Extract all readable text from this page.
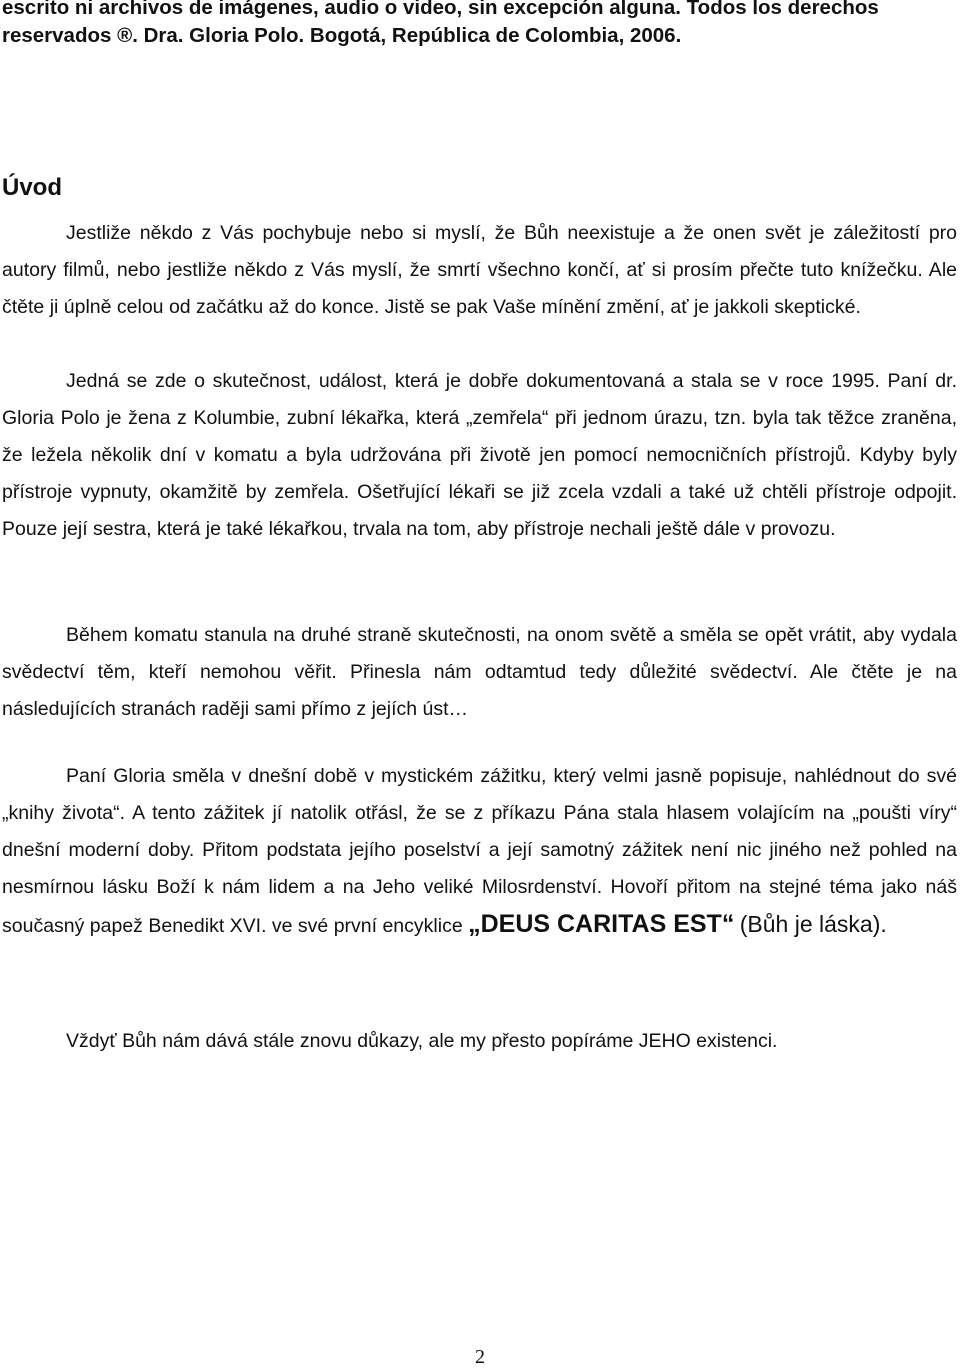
escrito ni archivos de imágenes, audio o video, sin excepción alguna. Todos los derechos reservados ®. Dra. Gloria Polo. Bogotá, República de Colombia, 2006.

Úvod

Jestliže někdo z Vás pochybuje nebo si myslí, že Bůh neexistuje a že onen svět je záležitostí pro autory filmů, nebo jestliže někdo z Vás myslí, že smrtí všechno končí, ať si prosím přečte tuto knížečku. Ale čtěte ji úplně celou od začátku až do konce. Jistě se pak Vaše mínění změní, ať je jakkoli skeptické.

Jedná se zde o skutečnost, událost, která je dobře dokumentovaná a stala se v roce 1995. Paní dr. Gloria Polo je žena z Kolumbie, zubní lékařka, která „zemřela“ při jednom úrazu, tzn. byla tak těžce zraněna, že ležela několik dní v komatu a byla udržována při životě jen pomocí nemocničních přístrojů. Kdyby byly přístroje vypnuty, okamžitě by zemřela. Ošetřující lékaři se již zcela vzdali a také už chtěli přístroje odpojit. Pouze její sestra, která je také lékařkou, trvala na tom, aby přístroje nechali ještě dále v provozu.

Během komatu stanula na druhé straně skutečnosti, na onom světě a směla se opět vrátit, aby vydala svědectví těm, kteří nemohou věřit. Přinesla nám odtamtud tedy důležité svědectví. Ale čtěte je na následujících stranách raději sami přímo z jejích úst…

Paní Gloria směla v dnešní době v mystickém zážitku, který velmi jasně popisuje, nahlédnout do své „knihy života“. A tento zážitek jí natolik otřásl, že se z příkazu Pána stala hlasem volajícím na „poušti víry“ dnešní moderní doby. Přitom podstata jejího poselství a její samotný zážitek není nic jiného než pohled na nesmírnou lásku Boží k nám lidem a na Jeho veliké Milosrdenství. Hovoří přitom na stejné téma jako náš současný papež Benedikt XVI. ve své první encyklice „DEUS CARITAS EST“ (Bůh je láska).

Vždyť Bůh nám dává stále znovu důkazy, ale my přesto popíráme JEHO existenci.

2
